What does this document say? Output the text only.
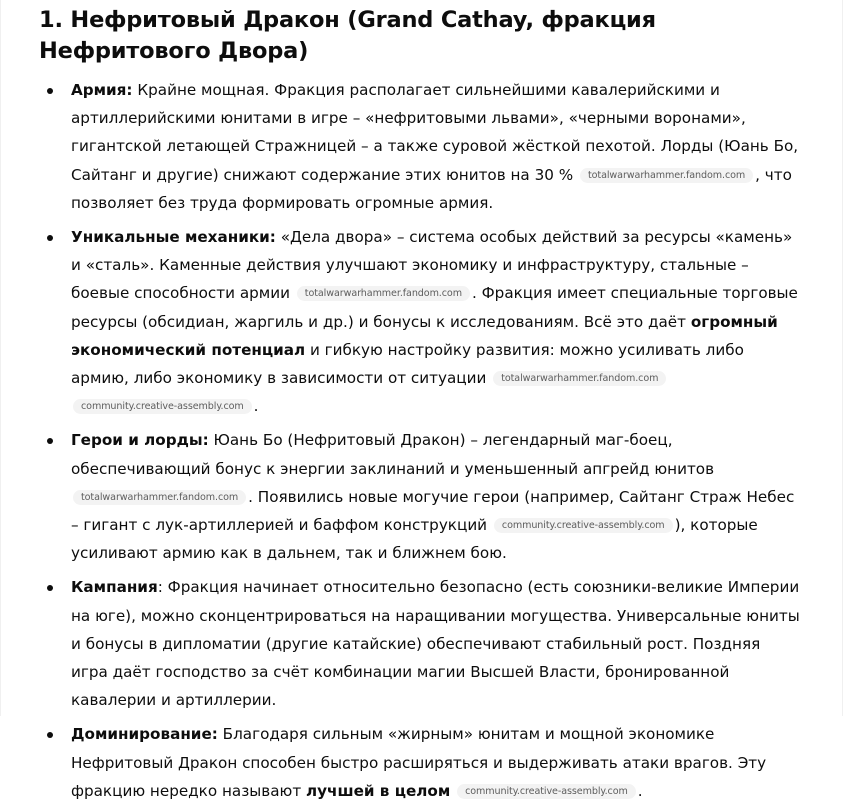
1. Нефритовый Дракон (Grand Cathay, фракция Нефритового Двора)
Армия: Крайне мощная. Фракция располагает сильнейшими кавалерийскими и артиллерийскими юнитами в игре – «нефритовыми львами», «черными воронами», гигантской летающей Стражницей – а также суровой жёсткой пехотой. Лорды (Юань Бо, Сайтанг и другие) снижают содержание этих юнитов на 30 % totalwarwarhammer.fandom.com , что позволяет без труда формировать огромные армия.
Уникальные механики: «Дела двора» – система особых действий за ресурсы «камень» и «сталь». Каменные действия улучшают экономику и инфраструктуру, стальные – боевые способности армии totalwarwarhammer.fandom.com . Фракция имеет специальные торговые ресурсы (обсидиан, жаргиль и др.) и бонусы к исследованиям. Всё это даёт огромный экономический потенциал и гибкую настройку развития: можно усиливать либо армию, либо экономику в зависимости от ситуации totalwarwarhammer.fandom.com community.creative-assembly.com .
Герои и лорды: Юань Бо (Нефритовый Дракон) – легендарный маг-боец, обеспечивающий бонус к энергии заклинаний и уменьшенный апгрейд юнитов totalwarwarhammer.fandom.com . Появились новые могучие герои (например, Сайтанг Страж Небес – гигант с лук-артиллерией и баффом конструкций community.creative-assembly.com ), которые усиливают армию как в дальнем, так и ближнем бою.
Кампания: Фракция начинает относительно безопасно (есть союзники-великие Империи на юге), можно сконцентрироваться на наращивании могущества. Универсальные юниты и бонусы в дипломатии (другие катайские) обеспечивают стабильный рост. Поздняя игра даёт господство за счёт комбинации магии Высшей Власти, бронированной кавалерии и артиллерии.
Доминирование: Благодаря сильным «жирным» юнитам и мощной экономике Нефритовый Дракон способен быстро расширяться и выдерживать атаки врагов. Эту фракцию нередко называют лучшей в целом community.creative-assembly.com .
